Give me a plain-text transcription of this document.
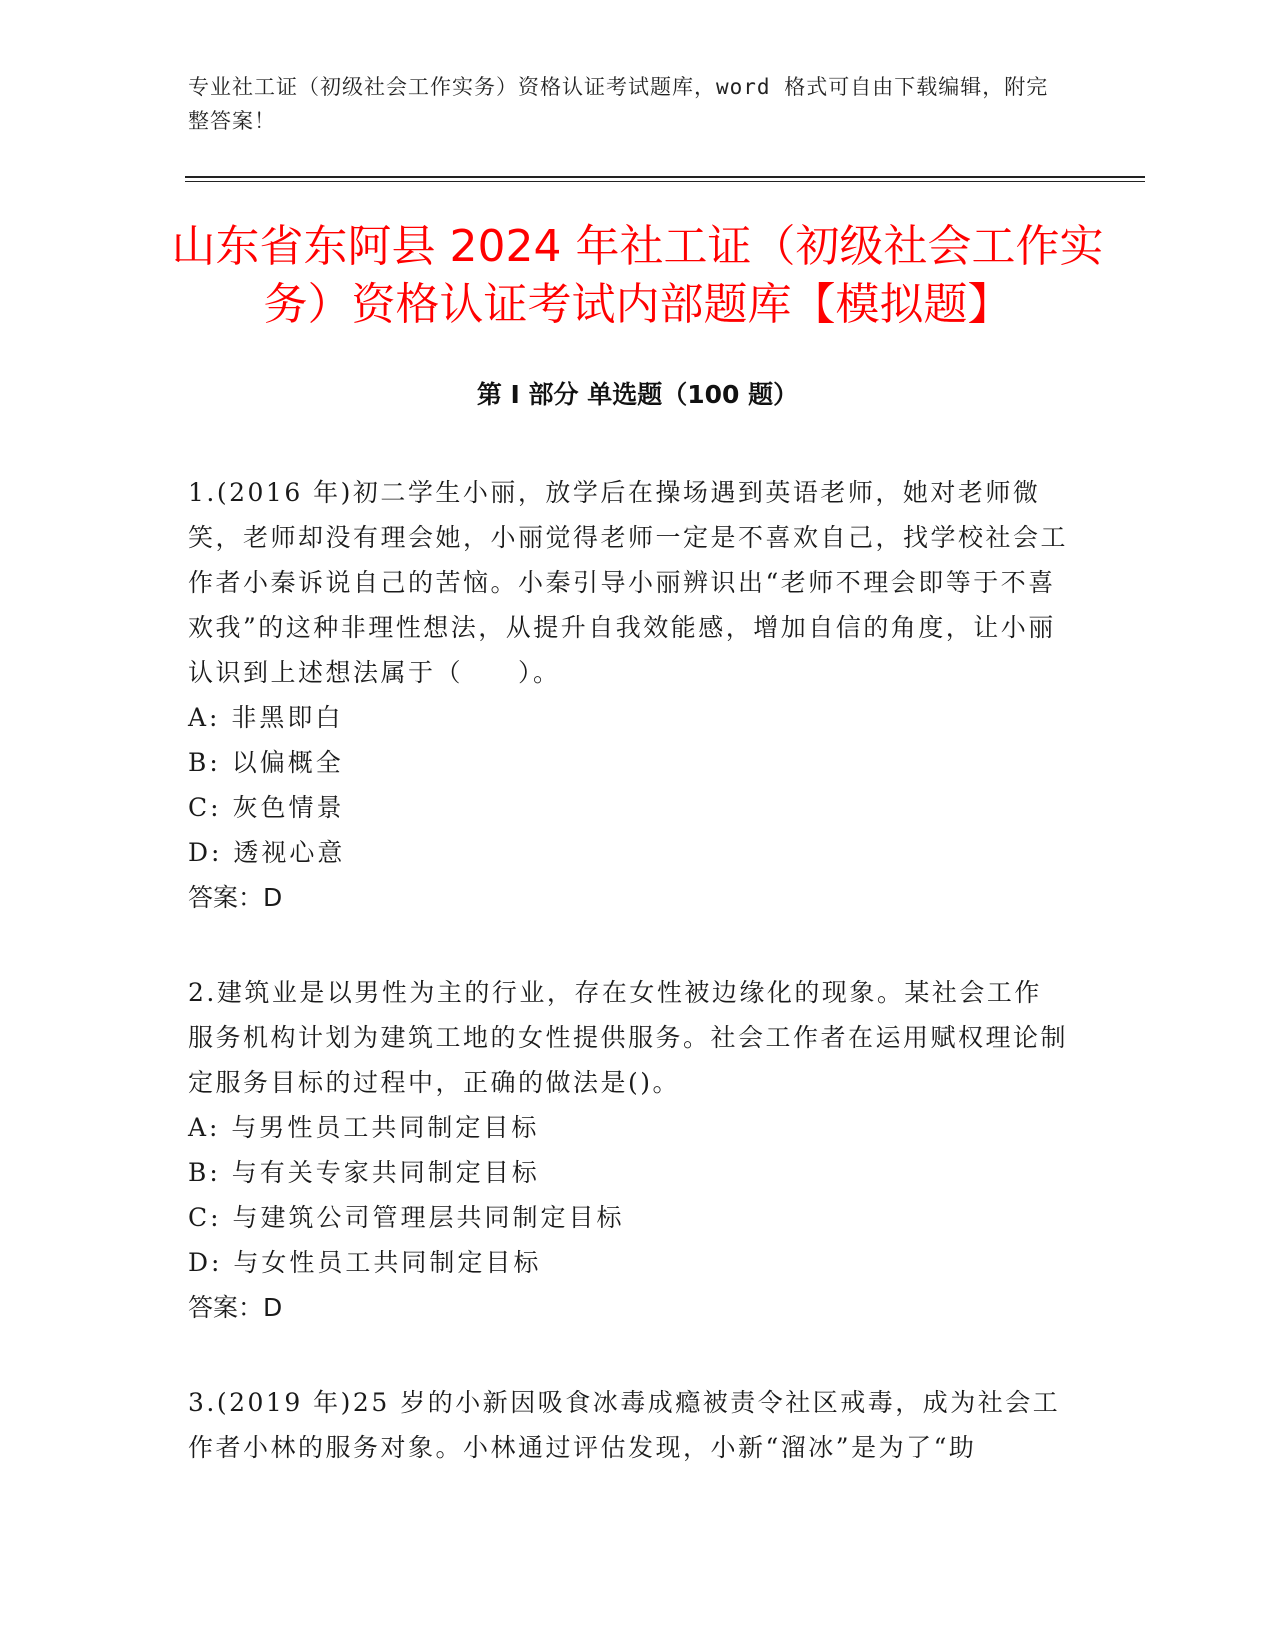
专业社工证（初级社会工作实务）资格认证考试题库，word 格式可自由下载编辑，附完整答案！
山东省东阿县 2024 年社工证（初级社会工作实务）资格认证考试内部题库【模拟题】
第 I 部分 单选题（100 题）

1.(2016 年)初二学生小丽，放学后在操场遇到英语老师，她对老师微笑，老师却没有理会她，小丽觉得老师一定是不喜欢自己，找学校社会工作者小秦诉说自己的苦恼。小秦引导小丽辨识出“老师不理会即等于不喜欢我”的这种非理性想法，从提升自我效能感，增加自信的角度，让小丽认识到上述想法属于（　　）。

A: 非黑即白

B: 以偏概全

C: 灰色情景

D: 透视心意

答案：D

2.建筑业是以男性为主的行业，存在女性被边缘化的现象。某社会工作服务机构计划为建筑工地的女性提供服务。社会工作者在运用赋权理论制定服务目标的过程中，正确的做法是()。

A: 与男性员工共同制定目标

B: 与有关专家共同制定目标

C: 与建筑公司管理层共同制定目标

D: 与女性员工共同制定目标

答案：D

3.(2019 年)25 岁的小新因吸食冰毒成瘾被责令社区戒毒，成为社会工作者小林的服务对象。小林通过评估发现，小新“溜冰”是为了“助
